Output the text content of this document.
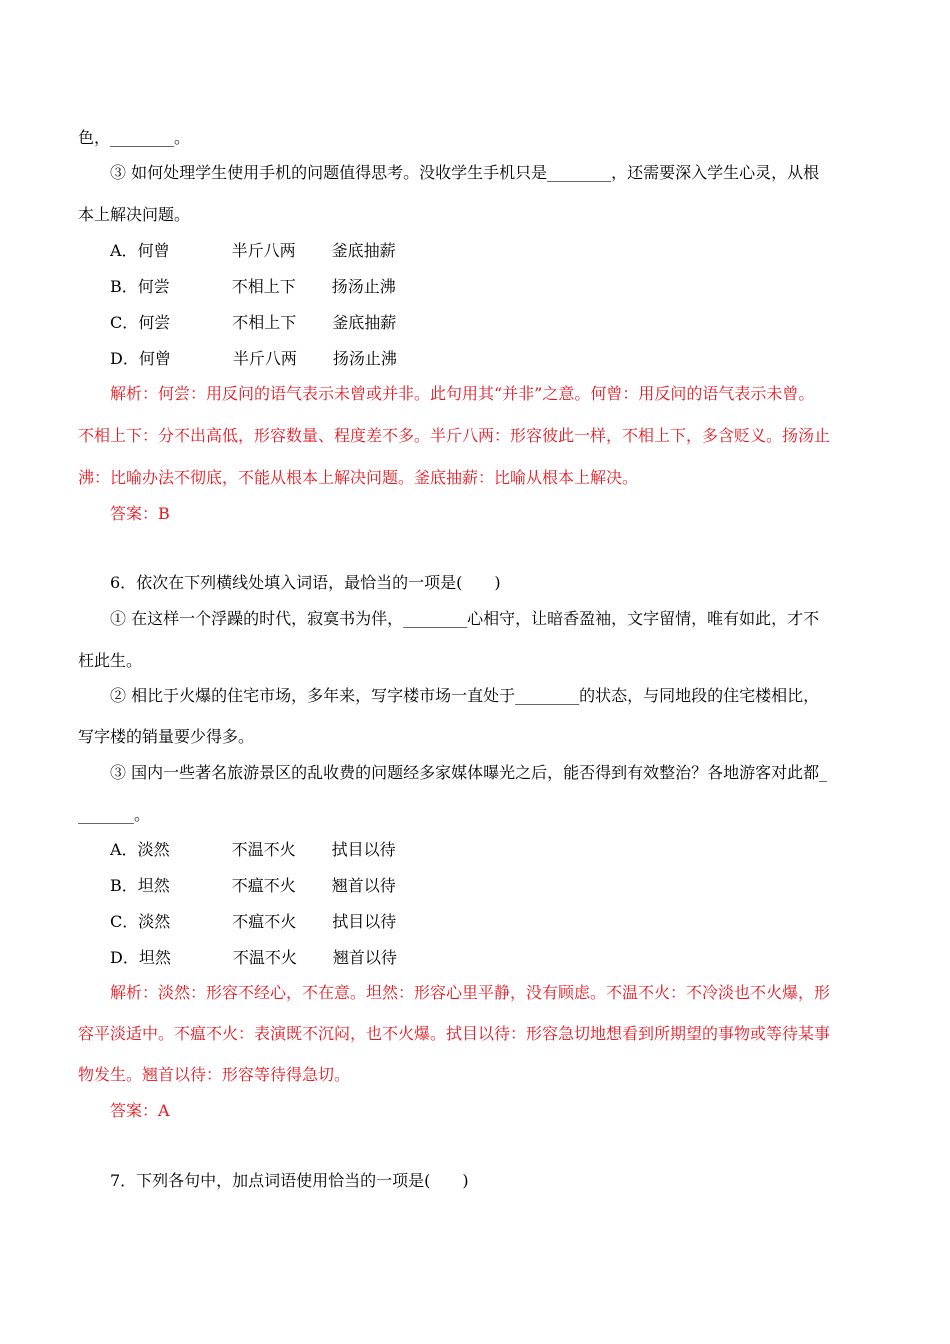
色，________。
③ 如何处理学生使用手机的问题值得思考。没收学生手机只是________，还需要深入学生心灵，从根
本上解决问题。
A．何曾	半斤八两 釜底抽薪
B．何尝	不相上下 扬汤止沸
C．何尝	不相上下 釜底抽薪
D．何曾	半斤八两 扬汤止沸
解析：何尝：用反问的语气表示未曾或并非。此句用其“并非”之意。何曾：用反问的语气表示未曾。
不相上下：分不出高低，形容数量、程度差不多。半斤八两：形容彼此一样，不相上下，多含贬义。扬汤止
沸：比喻办法不彻底，不能从根本上解决问题。釜底抽薪：比喻从根本上解决。
答案：B
6．依次在下列横线处填入词语，最恰当的一项是(　　)
① 在这样一个浮躁的时代，寂寞书为伴，________心相守，让暗香盈袖，文字留情，唯有如此，才不
枉此生。
② 相比于火爆的住宅市场，多年来，写字楼市场一直处于________的状态，与同地段的住宅楼相比，
写字楼的销量要少得多。
③ 国内一些著名旅游景区的乱收费的问题经多家媒体曝光之后，能否得到有效整治？各地游客对此都_
_______。
A．淡然	不温不火 拭目以待
B．坦然	不瘟不火 翘首以待
C．淡然	不瘟不火 拭目以待
D．坦然	不温不火 翘首以待
解析：淡然：形容不经心，不在意。坦然：形容心里平静，没有顾虑。不温不火：不冷淡也不火爆，形
容平淡适中。不瘟不火：表演既不沉闷，也不火爆。拭目以待：形容急切地想看到所期望的事物或等待某事
物发生。翘首以待：形容等待得急切。
答案：A
7．下列各句中，加点词语使用恰当的一项是(　　)
